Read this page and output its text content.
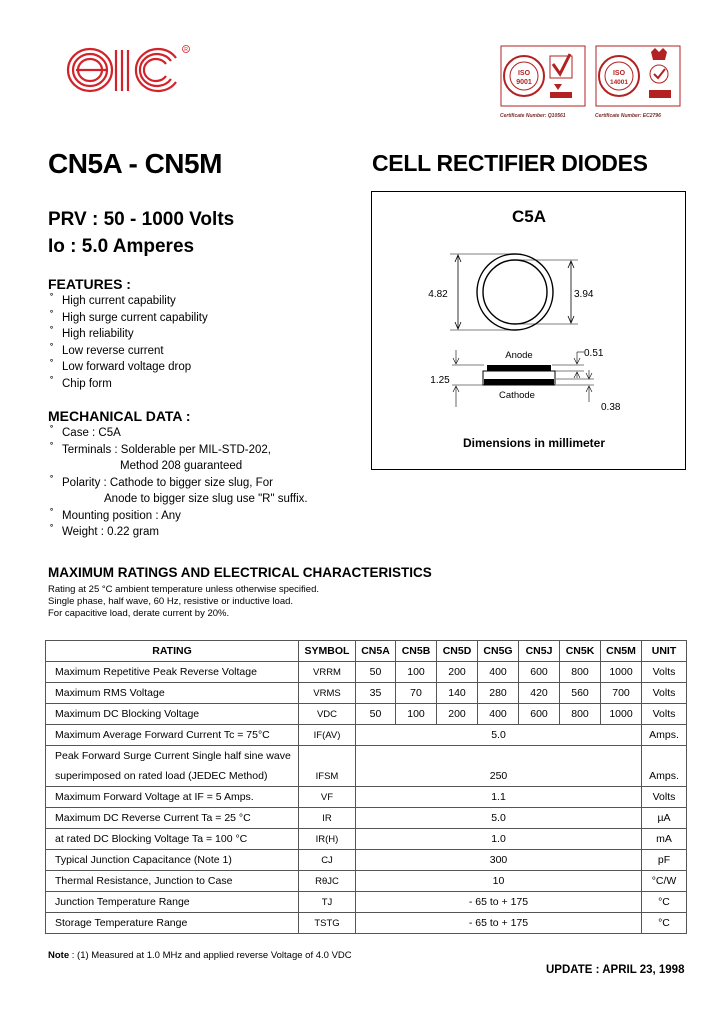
R
ISO
9001
Certificate Number: Q10561
ISO
14001
Certificate Number: EC2796
CN5A - CN5M	CELL RECTIFIER DIODES
PRV : 50 - 1000 Volts
Io : 5.0 Amperes
FEATURES :
˚ High current capability
˚ High surge current capability
˚ High reliability
˚ Low reverse current
˚ Low forward voltage drop
˚ Chip form
MECHANICAL DATA :
˚ Case : C5A
˚ Terminals : Solderable per MIL-STD-202,
Method 208 guaranteed
˚ Polarity : Cathode to bigger size slug, For
Anode to bigger size slug use "R" suffix.
˚ Mounting position : Any
˚ Weight : 0.22 gram
C5A
4.82	3.94
Anode
Cathode
1.25
0.51
0.38
Dimensions in millimeter
MAXIMUM RATINGS AND ELECTRICAL CHARACTERISTICS
Rating at 25 °C ambient temperature unless otherwise specified.
Single phase, half wave, 60 Hz, resistive or inductive load.
For capacitive load, derate current by 20%.
RATING	SYMBOL	CN5A	CN5B	CN5D	CN5G	CN5J	CN5K	CN5M	UNIT
Maximum Repetitive Peak Reverse Voltage	VRRM	50	100	200	400	600	800	1000	Volts
Maximum RMS Voltage	VRMS	35	70	140	280	420	560	700	Volts
Maximum DC Blocking Voltage	VDC	50	100	200	400	600	800	1000	Volts
Maximum Average Forward Current Tc = 75°C	IF(AV)	5.0							Amps.
Peak Forward Surge Current Single half sine wave									
superimposed on rated load (JEDEC Method)	IFSM	250							Amps.
Maximum Forward Voltage at IF = 5 Amps.	VF	1.1							Volts
Maximum DC Reverse Current Ta = 25 °C	IR	5.0							µA
at rated DC Blocking Voltage Ta = 100 °C	IR(H)	1.0							mA
Typical Junction Capacitance (Note 1)	CJ	300							pF
Thermal Resistance, Junction to Case	RθJC	10							°C/W
Junction Temperature Range	TJ	- 65 to + 175							°C
Storage Temperature Range	TSTG	- 65 to + 175							°C
Note : (1) Measured at 1.0 MHz and applied reverse Voltage of 4.0 VDC
UPDATE : APRIL 23, 1998
